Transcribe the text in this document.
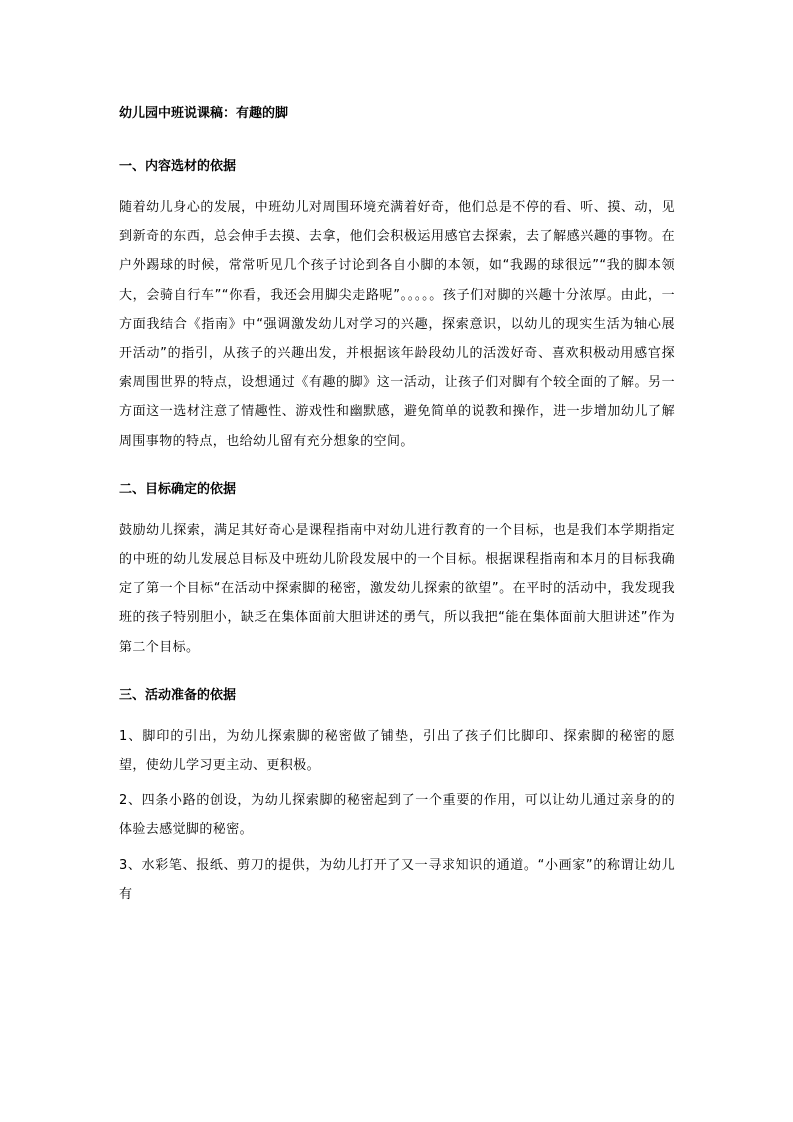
幼儿园中班说课稿：有趣的脚
一、内容选材的依据

随着幼儿身心的发展，中班幼儿对周围环境充满着好奇，他们总是不停的看、听、摸、动，见到新奇的东西，总会伸手去摸、去拿，他们会积极运用感官去探索，去了解感兴趣的事物。在户外踢球的时候，常常听见几个孩子讨论到各自小脚的本领，如“我踢的球很远”“我的脚本领大，会骑自行车”“你看，我还会用脚尖走路呢”。。。。。孩子们对脚的兴趣十分浓厚。由此，一方面我结合《指南》中“强调激发幼儿对学习的兴趣，探索意识，以幼儿的现实生活为轴心展开活动”的指引，从孩子的兴趣出发，并根据该年龄段幼儿的活泼好奇、喜欢积极动用感官探索周围世界的特点，设想通过《有趣的脚》这一活动，让孩子们对脚有个较全面的了解。另一方面这一选材注意了情趣性、游戏性和幽默感，避免简单的说教和操作，进一步增加幼儿了解周围事物的特点，也给幼儿留有充分想象的空间。

二、目标确定的依据

鼓励幼儿探索，满足其好奇心是课程指南中对幼儿进行教育的一个目标，也是我们本学期指定的中班的幼儿发展总目标及中班幼儿阶段发展中的一个目标。根据课程指南和本月的目标我确定了第一个目标“在活动中探索脚的秘密，激发幼儿探索的欲望”。在平时的活动中，我发现我班的孩子特别胆小，缺乏在集体面前大胆讲述的勇气，所以我把“能在集体面前大胆讲述”作为第二个目标。

三、活动准备的依据

1、脚印的引出，为幼儿探索脚的秘密做了铺垫，引出了孩子们比脚印、探索脚的秘密的愿望，使幼儿学习更主动、更积极。

2、四条小路的创设，为幼儿探索脚的秘密起到了一个重要的作用，可以让幼儿通过亲身的的体验去感觉脚的秘密。

3、水彩笔、报纸、剪刀的提供，为幼儿打开了又一寻求知识的通道。“小画家”的称谓让幼儿有
